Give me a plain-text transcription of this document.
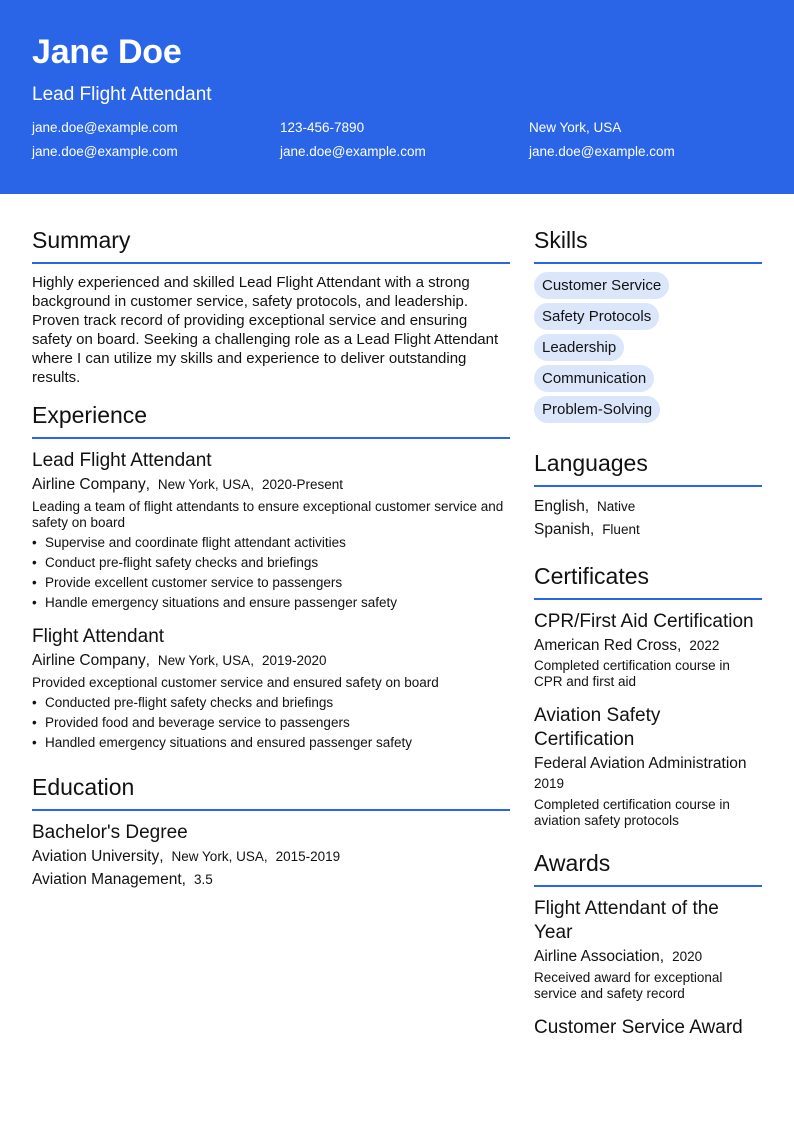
Jane Doe
Lead Flight Attendant
jane.doe@example.com	123-456-7890	New York, USA
jane.doe@example.com	jane.doe@example.com	jane.doe@example.com
Summary

Highly experienced and skilled Lead Flight Attendant with a strong background in customer service, safety protocols, and leadership. Proven track record of providing exceptional service and ensuring safety on board. Seeking a challenging role as a Lead Flight Attendant where I can utilize my skills and experience to deliver outstanding results.

Experience
Lead Flight Attendant
Airline Company , New York, USA , 2020-Present
Leading a team of flight attendants to ensure exceptional customer service and safety on board
• Supervise and coordinate flight attendant activities
• Conduct pre-flight safety checks and briefings
• Provide excellent customer service to passengers
• Handle emergency situations and ensure passenger safety
Flight Attendant
Airline Company , New York, USA , 2019-2020
Provided exceptional customer service and ensured safety on board
• Conducted pre-flight safety checks and briefings
• Provided food and beverage service to passengers
• Handled emergency situations and ensured passenger safety
Education
Bachelor's Degree
Aviation University , New York, USA , 2015-2019
Aviation Management , 3.5
Skills
Customer Service
Safety Protocols
Leadership
Communication
Problem-Solving
Languages
English , Native
Spanish , Fluent
Certificates
CPR/First Aid Certification
American Red Cross, 2022
Completed certification course in CPR and first aid
Aviation Safety Certification
Federal Aviation Administration
2019
Completed certification course in aviation safety protocols
Awards
Flight Attendant of the Year
Airline Association, 2020
Received award for exceptional service and safety record
Customer Service Award
